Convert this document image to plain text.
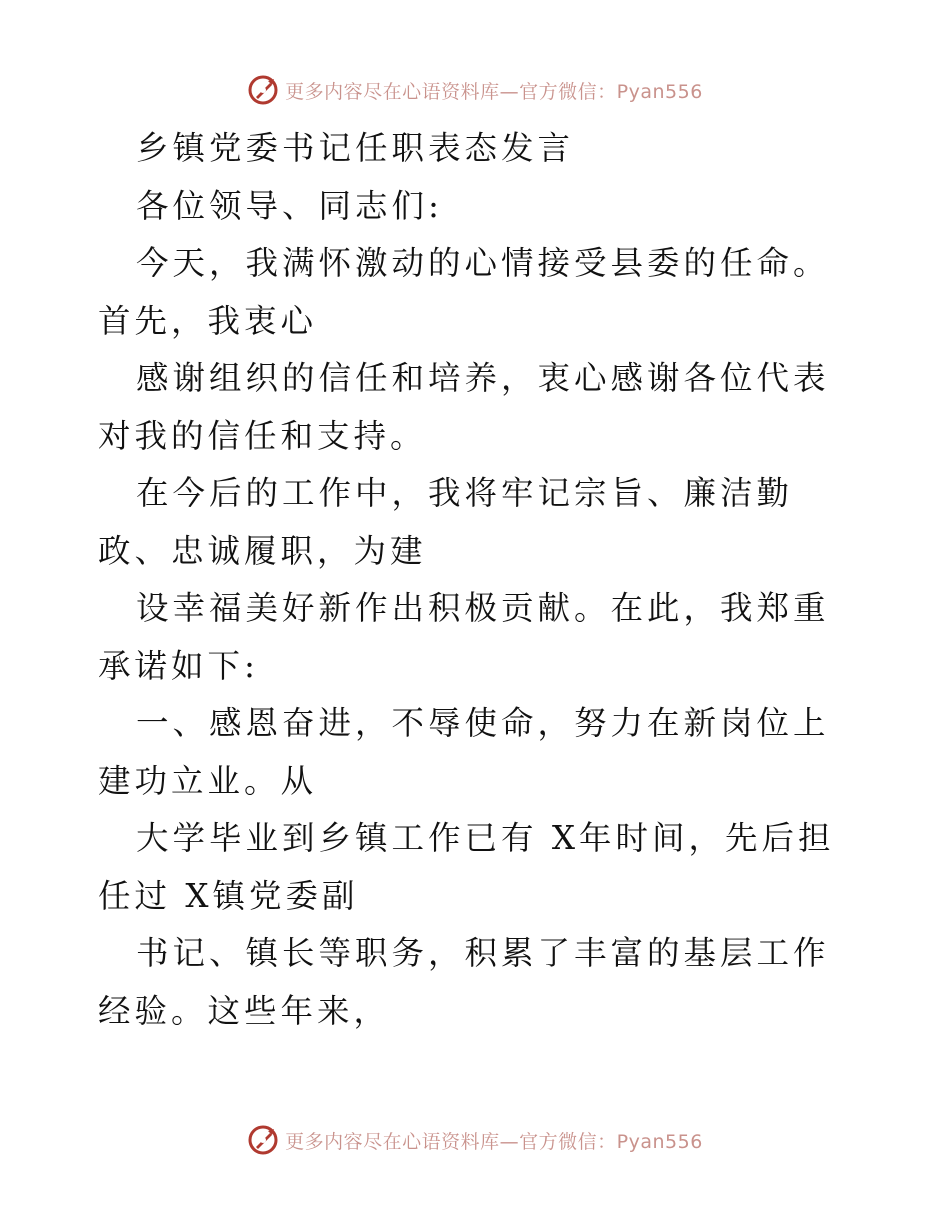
更多内容尽在心语资料库—官方微信：Pyan556

乡镇党委书记任职表态发言

各位领导、同志们:

今天，我满怀激动的心情接受县委的任命。首先，我衷心

感谢组织的信任和培养，衷心感谢各位代表对我的信任和支持。

在今后的工作中，我将牢记宗旨、廉洁勤政、忠诚履职，为建

设幸福美好新作出积极贡献。在此，我郑重承诺如下:

一、感恩奋进，不辱使命，努力在新岗位上建功立业。从

大学毕业到乡镇工作已有 X年时间，先后担任过 X镇党委副

书记、镇长等职务，积累了丰富的基层工作经验。这些年来，

更多内容尽在心语资料库—官方微信：Pyan556
